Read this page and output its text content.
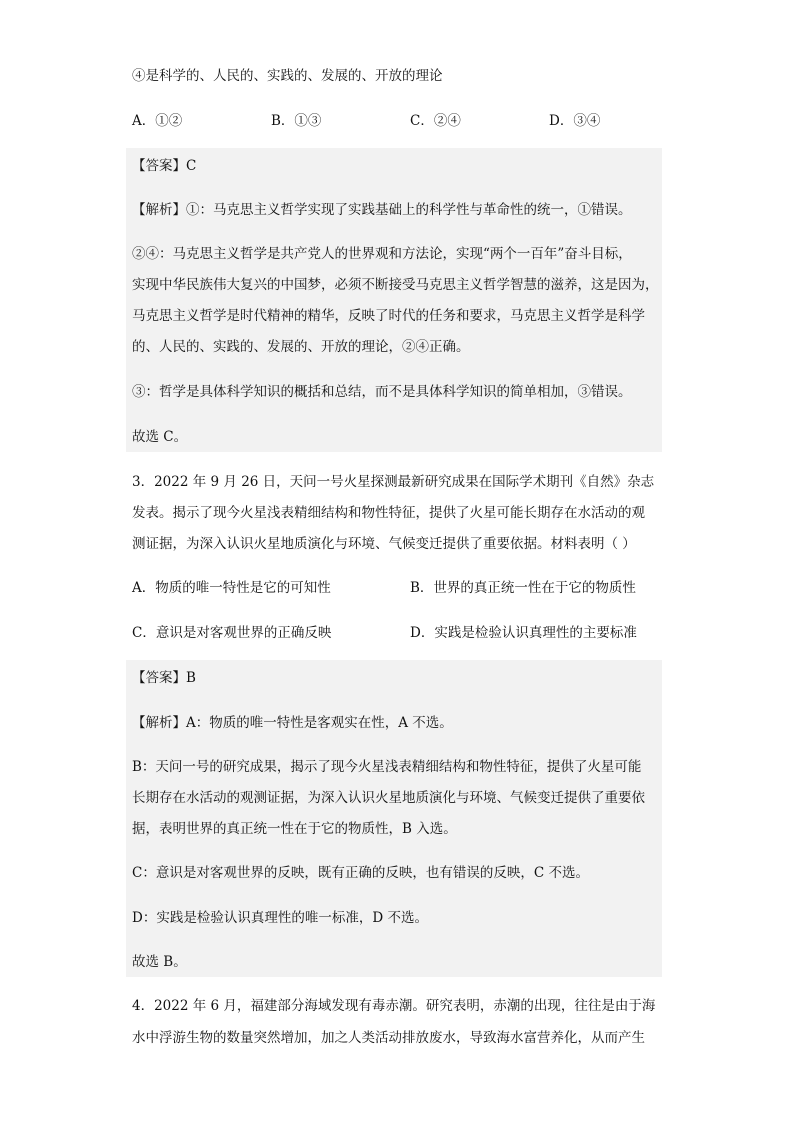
④是科学的、人民的、实践的、发展的、开放的理论
A．①②	B．①③	C．②④	D．③④
【答案】C
【解析】①：马克思主义哲学实现了实践基础上的科学性与革命性的统一，①错误。
②④：马克思主义哲学是共产党人的世界观和方法论，实现“两个一百年”奋斗目标，
实现中华民族伟大复兴的中国梦，必须不断接受马克思主义哲学智慧的滋养，这是因为，
马克思主义哲学是时代精神的精华，反映了时代的任务和要求，马克思主义哲学是科学
的、人民的、实践的、发展的、开放的理论，②④正确。
③：哲学是具体科学知识的概括和总结，而不是具体科学知识的简单相加，③错误。
故选 C。
3．2022 年 9 月 26 日，天问一号火星探测最新研究成果在国际学术期刊《自然》杂志
发表。揭示了现今火星浅表精细结构和物性特征，提供了火星可能长期存在水活动的观
测证据，为深入认识火星地质演化与环境、气候变迁提供了重要依据。材料表明（ ）
A．物质的唯一特性是它的可知性	B．世界的真正统一性在于它的物质性
C．意识是对客观世界的正确反映	D．实践是检验认识真理性的主要标准
【答案】B
【解析】A：物质的唯一特性是客观实在性，A 不选。
B：天问一号的研究成果，揭示了现今火星浅表精细结构和物性特征，提供了火星可能
长期存在水活动的观测证据，为深入认识火星地质演化与环境、气候变迁提供了重要依
据，表明世界的真正统一性在于它的物质性，B 入选。
C：意识是对客观世界的反映，既有正确的反映，也有错误的反映，C 不选。
D：实践是检验认识真理性的唯一标准，D 不选。
故选 B。
4．2022 年 6 月，福建部分海域发现有毒赤潮。研究表明，赤潮的出现，往往是由于海
水中浮游生物的数量突然增加，加之人类活动排放废水，导致海水富营养化，从而产生
